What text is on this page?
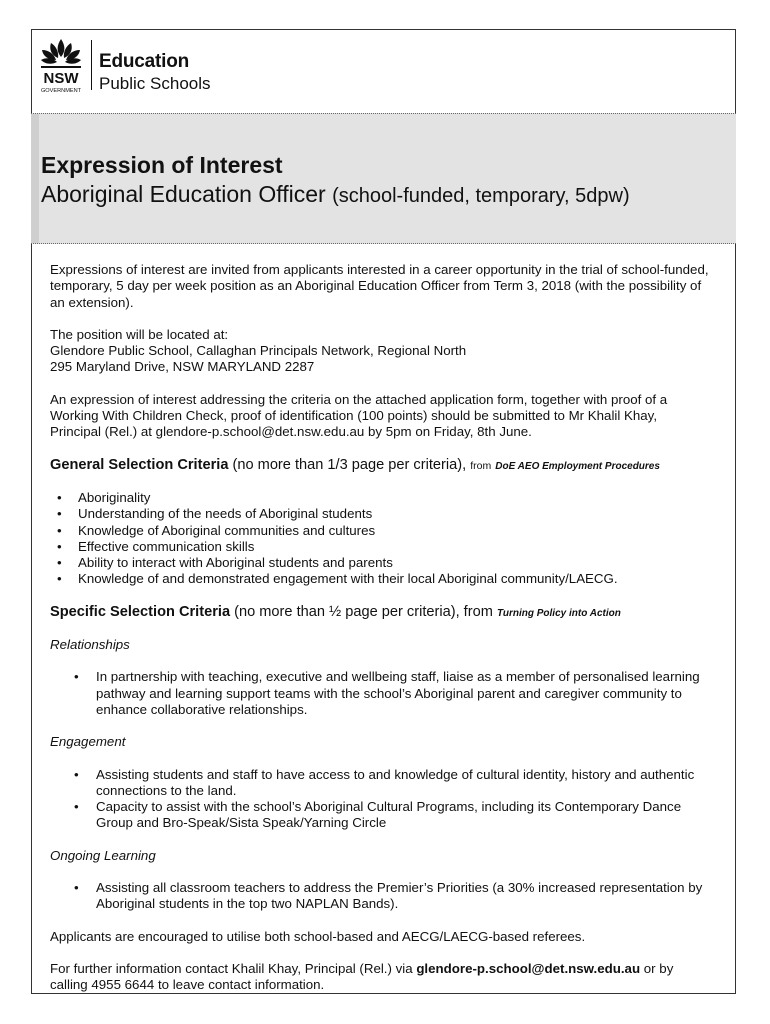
NSW
GOVERNMENT
Education
Public Schools
Expression of Interest
Aboriginal Education Officer (school-funded, temporary, 5dpw)

Expressions of interest are invited from applicants interested in a career opportunity in the trial of school-funded, temporary, 5 day per week position as an Aboriginal Education Officer from Term 3, 2018 (with the possibility of an extension).

The position will be located at:
Glendore Public School, Callaghan Principals Network, Regional North
295 Maryland Drive, NSW MARYLAND 2287

An expression of interest addressing the criteria on the attached application form, together with proof of a Working With Children Check, proof of identification (100 points) should be submitted to Mr Khalil Khay, Principal (Rel.) at glendore-p.school@det.nsw.edu.au by 5pm on Friday, 8th June.

General Selection Criteria (no more than 1/3 page per criteria), from DoE AEO Employment Procedures
• Aboriginality
• Understanding of the needs of Aboriginal students
• Knowledge of Aboriginal communities and cultures
• Effective communication skills
• Ability to interact with Aboriginal students and parents
• Knowledge of and demonstrated engagement with their local Aboriginal community/LAECG.
Specific Selection Criteria (no more than ½ page per criteria), from Turning Policy into Action

Relationships

• In partnership with teaching, executive and wellbeing staff, liaise as a member of personalised learning pathway and learning support teams with the school’s Aboriginal parent and caregiver community to enhance collaborative relationships.

Engagement

• Assisting students and staff to have access to and knowledge of cultural identity, history and authentic connections to the land.
• Capacity to assist with the school’s Aboriginal Cultural Programs, including its Contemporary Dance Group and Bro-Speak/Sista Speak/Yarning Circle

Ongoing Learning

• Assisting all classroom teachers to address the Premier’s Priorities (a 30% increased representation by Aboriginal students in the top two NAPLAN Bands).

Applicants are encouraged to utilise both school-based and AECG/LAECG-based referees.

For further information contact Khalil Khay, Principal (Rel.) via glendore-p.school@det.nsw.edu.au or by calling 4955 6644 to leave contact information.
